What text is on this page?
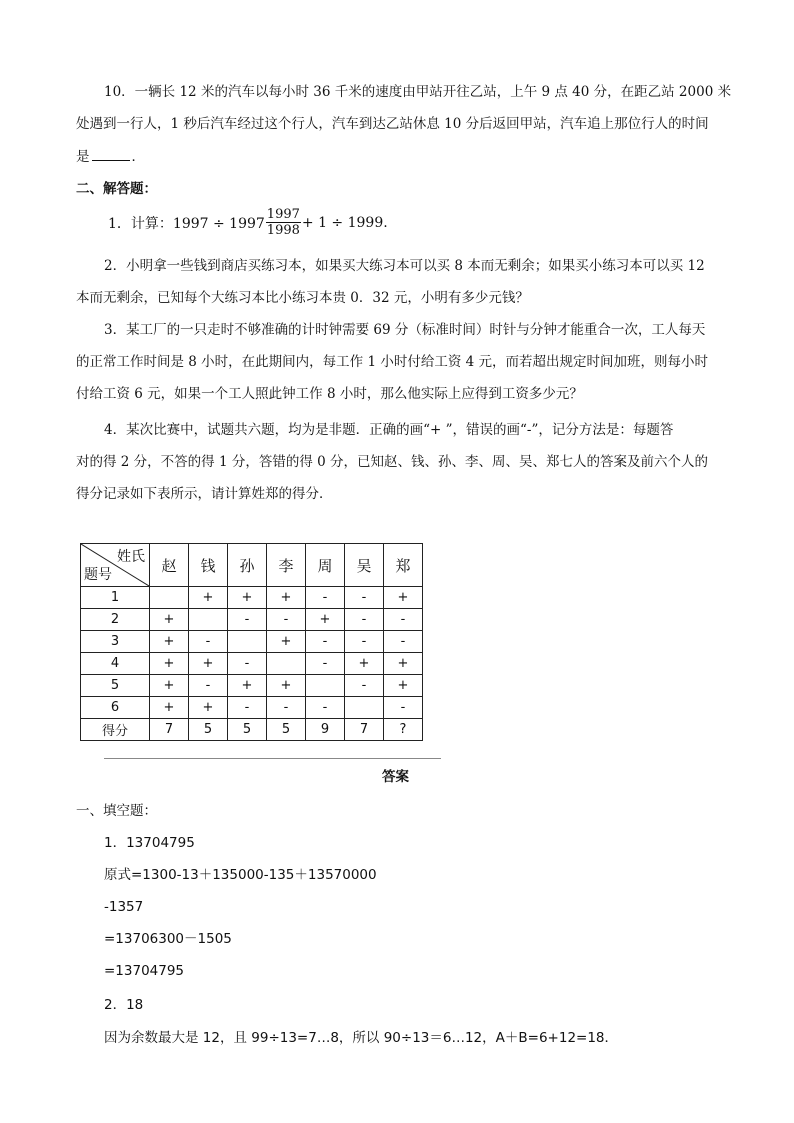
10．一辆长 12 米的汽车以每小时 36 千米的速度由甲站开往乙站，上午 9 点 40 分，在距乙站 2000 米
处遇到一行人，1 秒后汽车经过这个行人，汽车到达乙站休息 10 分后返回甲站，汽车追上那位行人的时间
是	．
二、解答题：
1．计算：$1997 \div 1997 \frac{1997}{1998} + 1 \div 1999$.
2．小明拿一些钱到商店买练习本，如果买大练习本可以买 8 本而无剩余；如果买小练习本可以买 12
本而无剩余，已知每个大练习本比小练习本贵 0．32 元，小明有多少元钱？
3．某工厂的一只走时不够准确的计时钟需要 69 分（标准时间）时针与分钟才能重合一次，工人每天
的正常工作时间是 8 小时，在此期间内，每工作 1 小时付给工资 4 元，而若超出规定时间加班，则每小时
付给工资 6 元，如果一个工人照此钟工作 8 小时，那么他实际上应得到工资多少元？
4．某次比赛中，试题共六题，均为是非题．正确的画“+ ”，错误的画“-”，记分方法是：每题答
对的得 2 分，不答的得 1 分，答错的得 0 分，已知赵、钱、孙、李、周、吴、郑七人的答案及前六个人的
得分记录如下表所示，请计算姓郑的得分．
姓氏
题号	赵	钱	孙	李	周	吴	郑
1		+	+	+	-	-	+
2	+		-	-	+	-	-
3	+	-		+	-	-	-
4	+	+	-		-	+	+
5	+	-	+	+		-	+
6	+	+	-	-	-		-
得分	7	5	5	5	9	7	?
答案
一、填空题：
1．13704795
原式=1300-13＋135000-135＋13570000
-1357
=13706300－1505
=13704795
2．18
因为余数最大是 12，且 99÷13=7…8，所以 90÷13＝6…12，A＋B=6+12=18．
